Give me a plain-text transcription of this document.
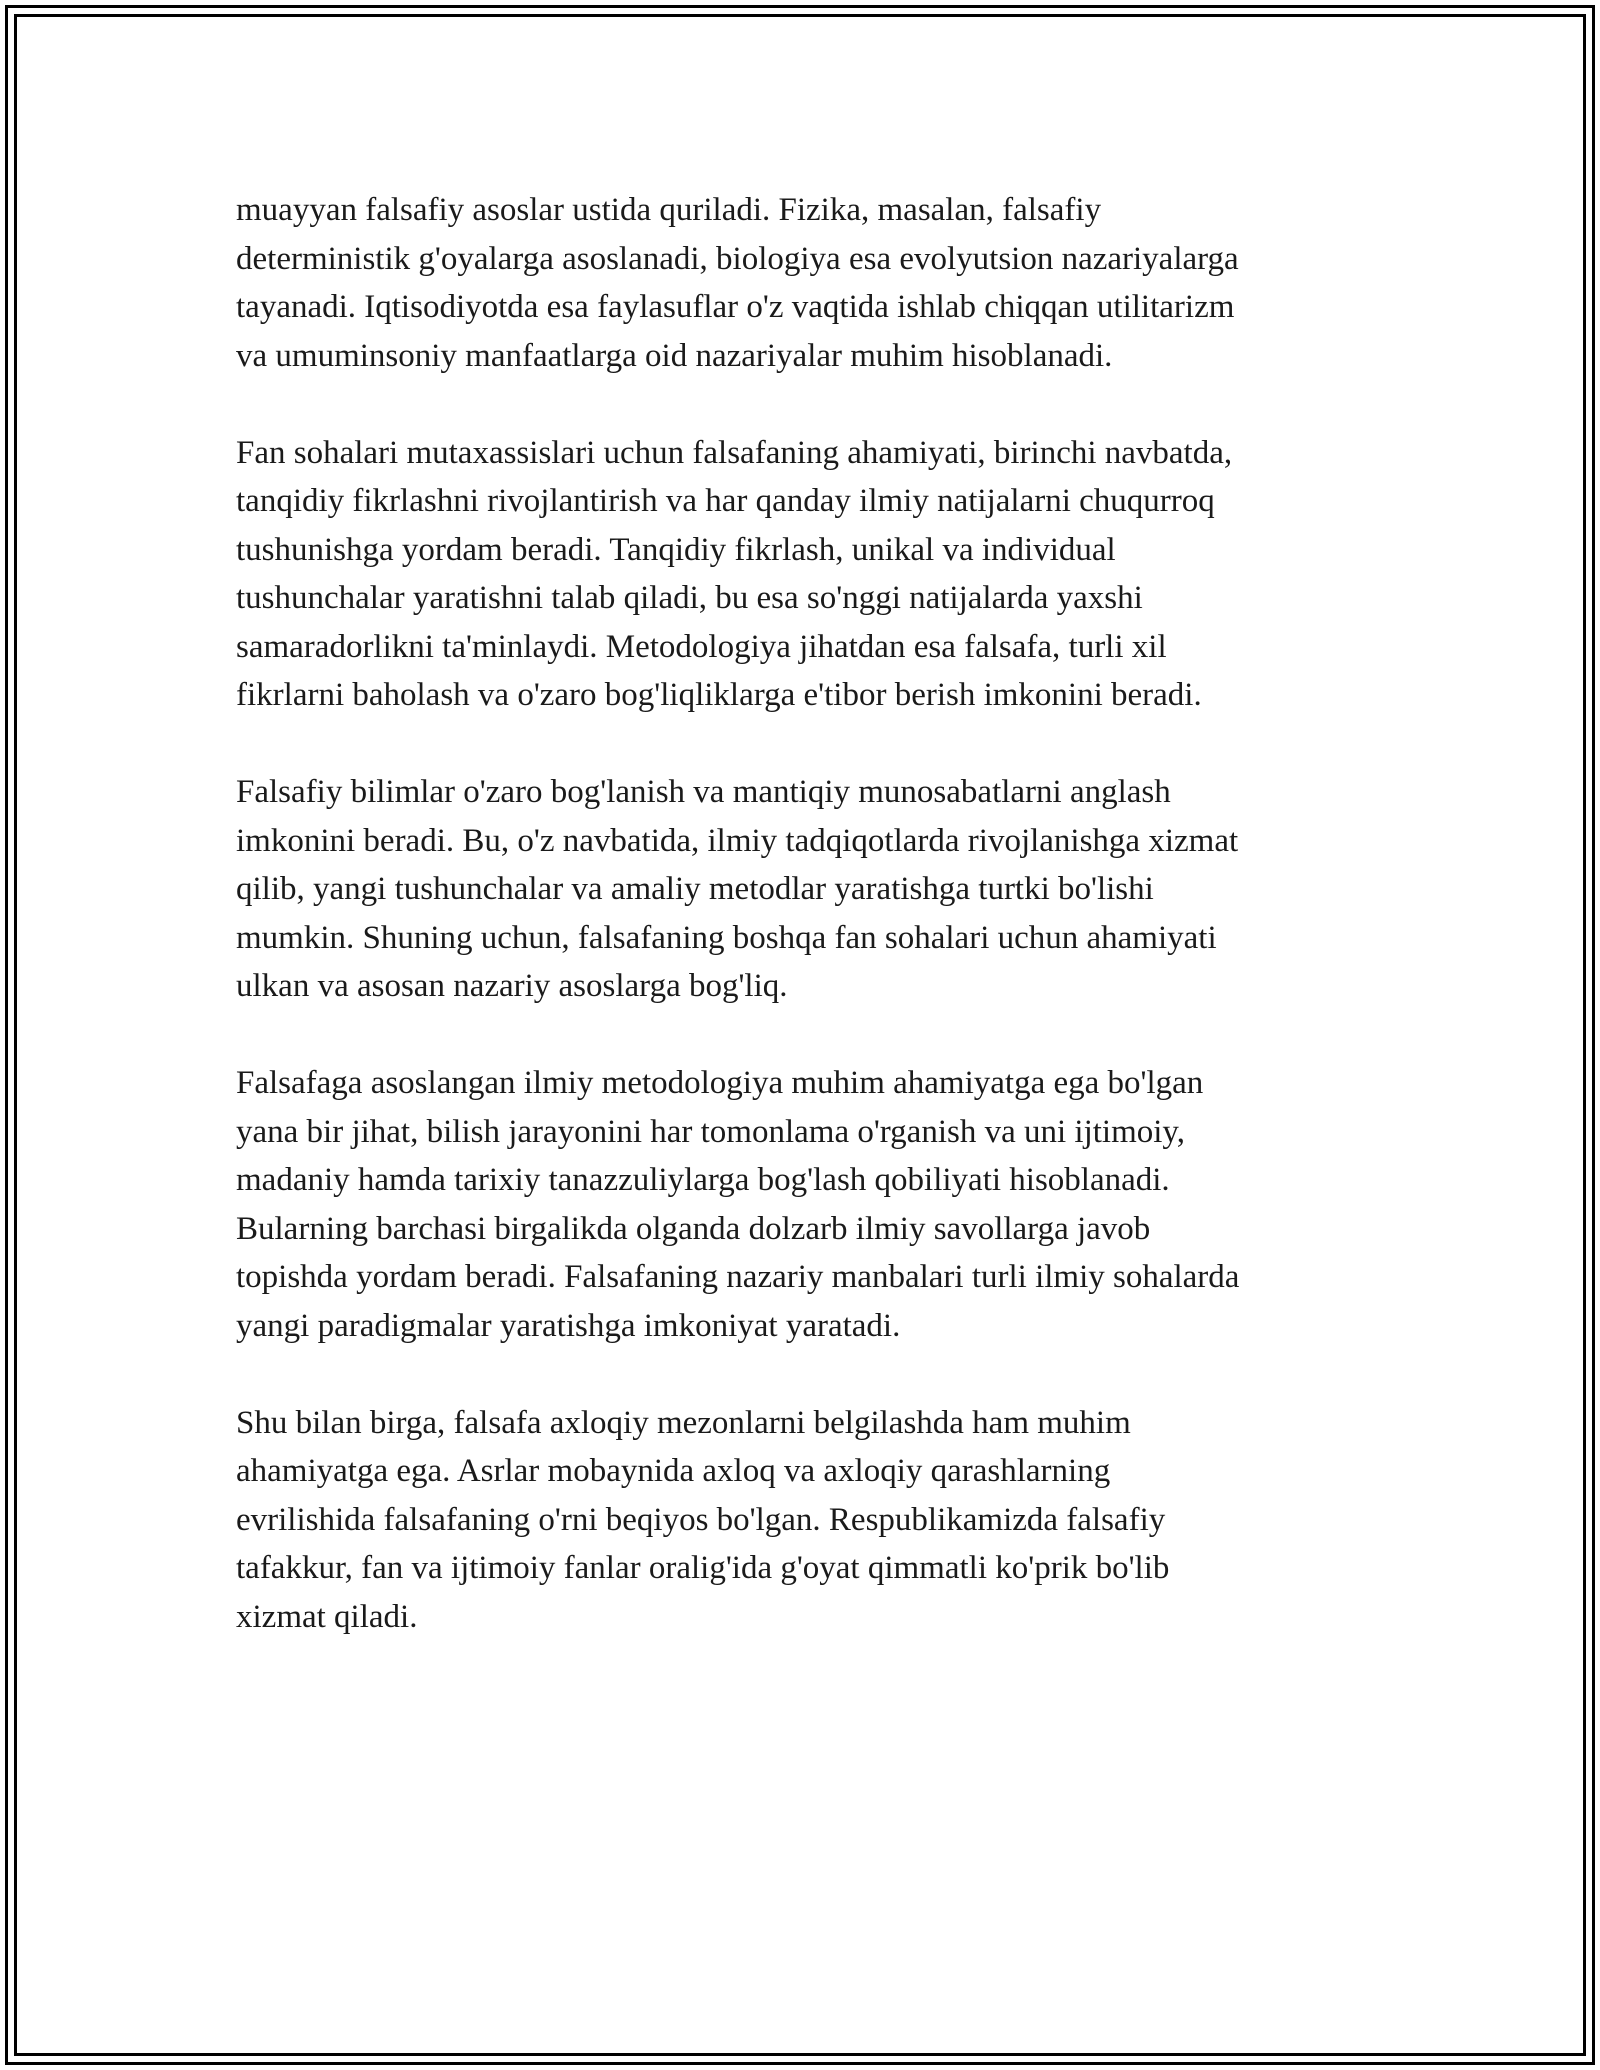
muayyan falsafiy asoslar ustida quriladi. Fizika, masalan, falsafiy
deterministik g'oyalarga asoslanadi, biologiya esa evolyutsion nazariyalarga
tayanadi. Iqtisodiyotda esa faylasuflar o'z vaqtida ishlab chiqqan utilitarizm
va umuminsoniy manfaatlarga oid nazariyalar muhim hisoblanadi.

Fan sohalari mutaxassislari uchun falsafaning ahamiyati, birinchi navbatda,
tanqidiy fikrlashni rivojlantirish va har qanday ilmiy natijalarni chuqurroq
tushunishga yordam beradi. Tanqidiy fikrlash, unikal va individual
tushunchalar yaratishni talab qiladi, bu esa so'nggi natijalarda yaxshi
samaradorlikni ta'minlaydi. Metodologiya jihatdan esa falsafa, turli xil
fikrlarni baholash va o'zaro bog'liqliklarga e'tibor berish imkonini beradi.

Falsafiy bilimlar o'zaro bog'lanish va mantiqiy munosabatlarni anglash
imkonini beradi. Bu, o'z navbatida, ilmiy tadqiqotlarda rivojlanishga xizmat
qilib, yangi tushunchalar va amaliy metodlar yaratishga turtki bo'lishi
mumkin. Shuning uchun, falsafaning boshqa fan sohalari uchun ahamiyati
ulkan va asosan nazariy asoslarga bog'liq.

Falsafaga asoslangan ilmiy metodologiya muhim ahamiyatga ega bo'lgan
yana bir jihat, bilish jarayonini har tomonlama o'rganish va uni ijtimoiy,
madaniy hamda tarixiy tanazzuliylarga bog'lash qobiliyati hisoblanadi.
Bularning barchasi birgalikda olganda dolzarb ilmiy savollarga javob
topishda yordam beradi. Falsafaning nazariy manbalari turli ilmiy sohalarda
yangi paradigmalar yaratishga imkoniyat yaratadi.

Shu bilan birga, falsafa axloqiy mezonlarni belgilashda ham muhim
ahamiyatga ega. Asrlar mobaynida axloq va axloqiy qarashlarning
evrilishida falsafaning o'rni beqiyos bo'lgan. Respublikamizda falsafiy
tafakkur, fan va ijtimoiy fanlar oralig'ida g'oyat qimmatli ko'prik bo'lib
xizmat qiladi.
